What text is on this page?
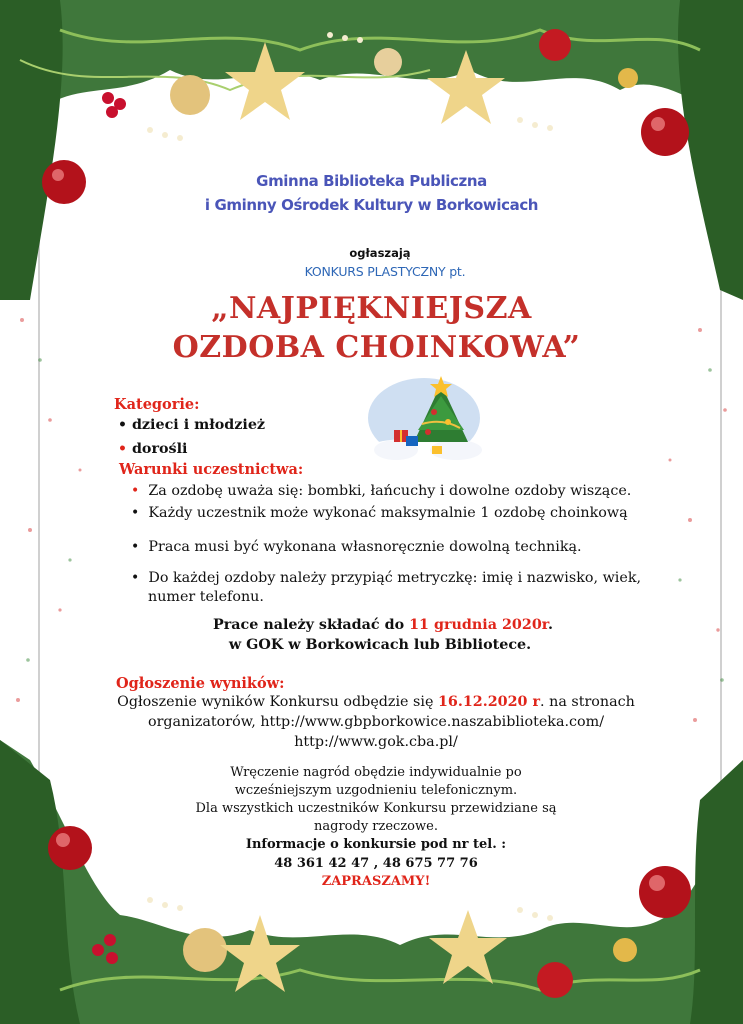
Gminna Biblioteka Publiczna
i Gminny Ośrodek Kultury w Borkowicach
ogłaszają
KONKURS PLASTYCZNY pt.
„NAJPIĘKNIEJSZA
OZDOBA CHOINKOWA”
Kategorie:
• dzieci i młodzież
• dorośli
Warunki uczestnictwa:
• Za ozdobę uważa się: bombki, łańcuchy i dowolne ozdoby wiszące.
• Każdy uczestnik może wykonać maksymalnie 1 ozdobę choinkową
• Praca musi być wykonana własnoręcznie dowolną techniką.
• Do każdej ozdoby należy przypiąć metryczkę: imię i nazwisko, wiek,
numer telefonu.
Prace należy składać do 11 grudnia 2020r.
w GOK w Borkowicach lub Bibliotece.
Ogłoszenie wyników:
Ogłoszenie wyników Konkursu odbędzie się 16.12.2020 r. na stronach
organizatorów, http://www.gbpborkowice.naszabiblioteka.com/
http://www.gok.cba.pl/
Wręczenie nagród obędzie indywidualnie po
wcześniejszym uzgodnieniu telefonicznym.
Dla wszystkich uczestników Konkursu przewidziane są
nagrody rzeczowe.
Informacje o konkursie pod nr tel. :
48 361 42 47 , 48 675 77 76
ZAPRASZAMY!
